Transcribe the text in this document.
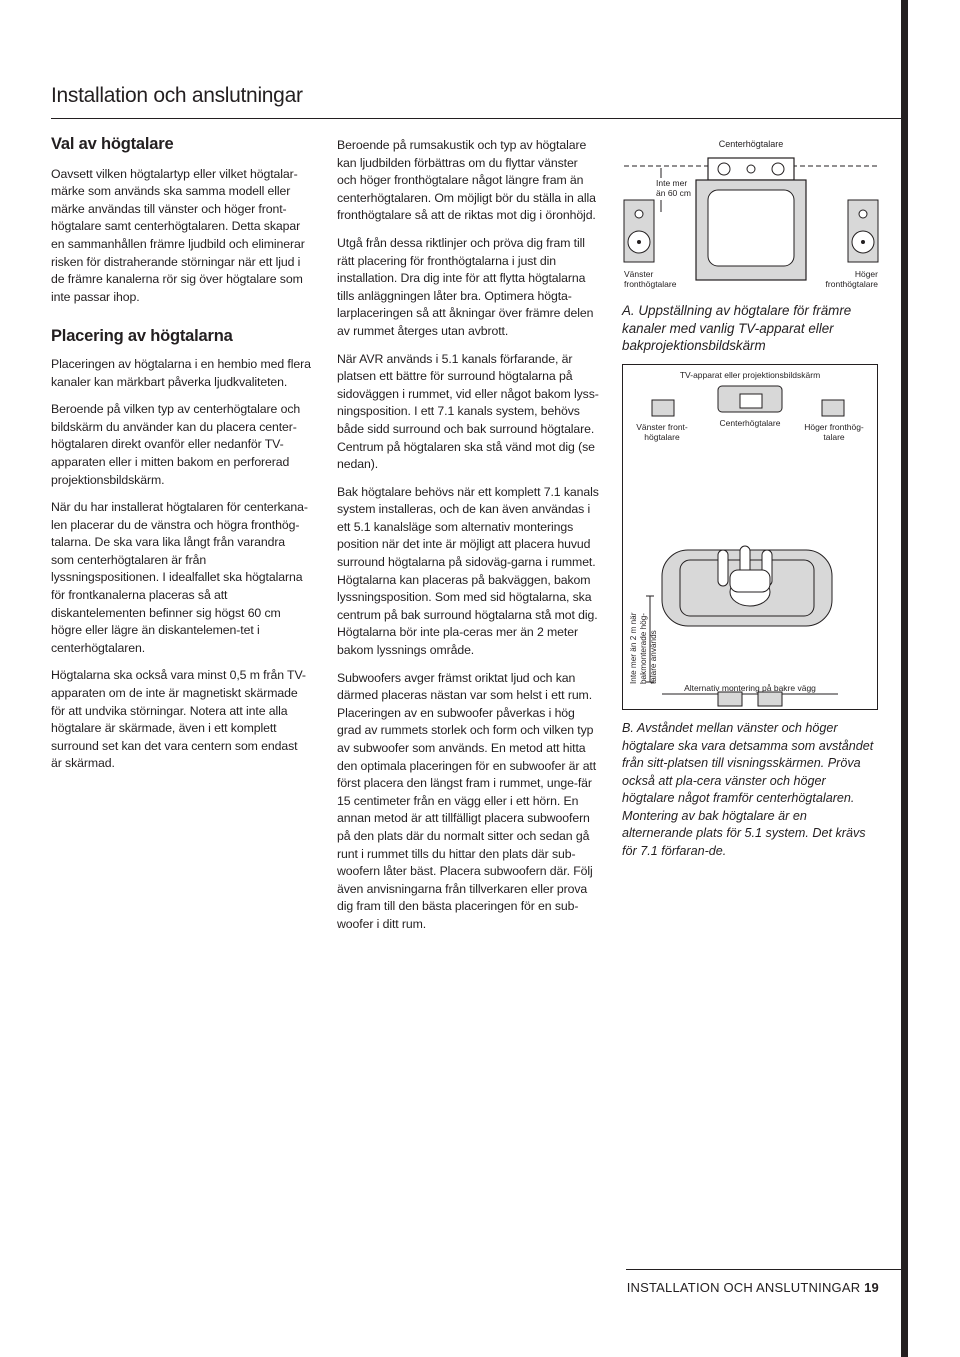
Installation och anslutningar
Val av högtalare

Oavsett vilken högtalartyp eller vilket högtalar-märke som används ska samma modell eller märke användas till vänster och höger front-högtalare samt centerhögtalaren. Detta skapar en sammanhållen främre ljudbild och eliminerar risken för distraherande störningar när ett ljud i de främre kanalerna rör sig över högtalare som inte passar ihop.

Placering av högtalarna

Placeringen av högtalarna i en hembio med flera kanaler kan märkbart påverka ljudkvaliteten.

Beroende på vilken typ av centerhögtalare och bildskärm du använder kan du placera center-högtalaren direkt ovanför eller nedanför TV-apparaten eller i mitten bakom en perforerad projektionsbildskärm.

När du har installerat högtalaren för centerkana-len placerar du de vänstra och högra fronthög-talarna. De ska vara lika långt från varandra som centerhögtalaren är från lyssningspositionen. I idealfallet ska högtalarna för frontkanalerna placeras så att diskantelementen befinner sig högst 60 cm högre eller lägre än diskantelemen-tet i centerhögtalaren.

Högtalarna ska också vara minst 0,5 m från TV-apparaten om de inte är magnetiskt skärmade för att undvika störningar. Notera att inte alla högtalare är skärmade, även i ett komplett surround set kan det vara centern som endast är skärmad.

Beroende på rumsakustik och typ av högtalare kan ljudbilden förbättras om du flyttar vänster och höger fronthögtalare något längre fram än centerhögtalaren. Om möjligt bör du ställa in alla fronthögtalare så att de riktas mot dig i öronhöjd.

Utgå från dessa riktlinjer och pröva dig fram till rätt placering för fronthögtalarna i just din installation. Dra dig inte för att flytta högtalarna tills anläggningen låter bra. Optimera högta-larplaceringen så att åkningar över främre delen av rummet återges utan avbrott.

När AVR används i 5.1 kanals förfarande, är platsen ett bättre för surround högtalarna på sidoväggen i rummet, vid eller något bakom lyss-ningsposition. I ett 7.1 kanals system, behövs både sidd surround och bak surround högtalare. Centrum på högtalaren ska stå vänd mot dig (se nedan).

Bak högtalare behövs när ett komplett 7.1 kanals system installeras, och de kan även användas i ett 5.1 kanalsläge som alternativ monterings position när det inte är möjligt att placera huvud surround högtalarna på sidoväg-garna i rummet. Högtalarna kan placeras på bakväggen, bakom lyssningsposition. Som med sid högtalarna, ska centrum på bak surround högtalarna stå mot dig. Högtalarna bör inte pla-ceras mer än 2 meter bakom lyssnings område.

Subwoofers avger främst oriktat ljud och kan därmed placeras nästan var som helst i ett rum. Placeringen av en subwoofer påverkas i hög grad av rummets storlek och form och vilken typ av subwoofer som används. En metod att hitta den optimala placeringen för en subwoofer är att först placera den längst fram i rummet, unge-fär 15 centimeter från en vägg eller i ett hörn. En annan metod är att tillfälligt placera subwoofern på den plats där du normalt sitter och sedan gå runt i rummet tills du hittar den plats där sub-woofern låter bäst. Placera subwoofern där. Följ även anvisningarna från tillverkaren eller prova dig fram till den bästa placeringen för en sub-woofer i ditt rum.

Centerhögtalare
Inte mer
än 60 cm
Vänster
fronthögtalare
Höger
fronthögtalare
A. Uppställning av högtalare för främre kanaler med vanlig TV-apparat eller bakprojektionsbildskärm
TV-apparat eller projektionsbildskärm
Centerhögtalare
Vänster front-
högtalare
Höger fronthög-
talare
Inte mer än 2 m när bakmonterade hög- talare används
Alternativ montering på bakre vägg
B. Avståndet mellan vänster och höger högtalare ska vara detsamma som avståndet från sitt-platsen till visningsskärmen. Pröva också att pla-cera vänster och höger högtalare något framför centerhögtalaren. Montering av bak högtalare är en alternerande plats för 5.1 system. Det krävs för 7.1 förfaran-de.
INSTALLATION OCH ANSLUTNINGAR 19
